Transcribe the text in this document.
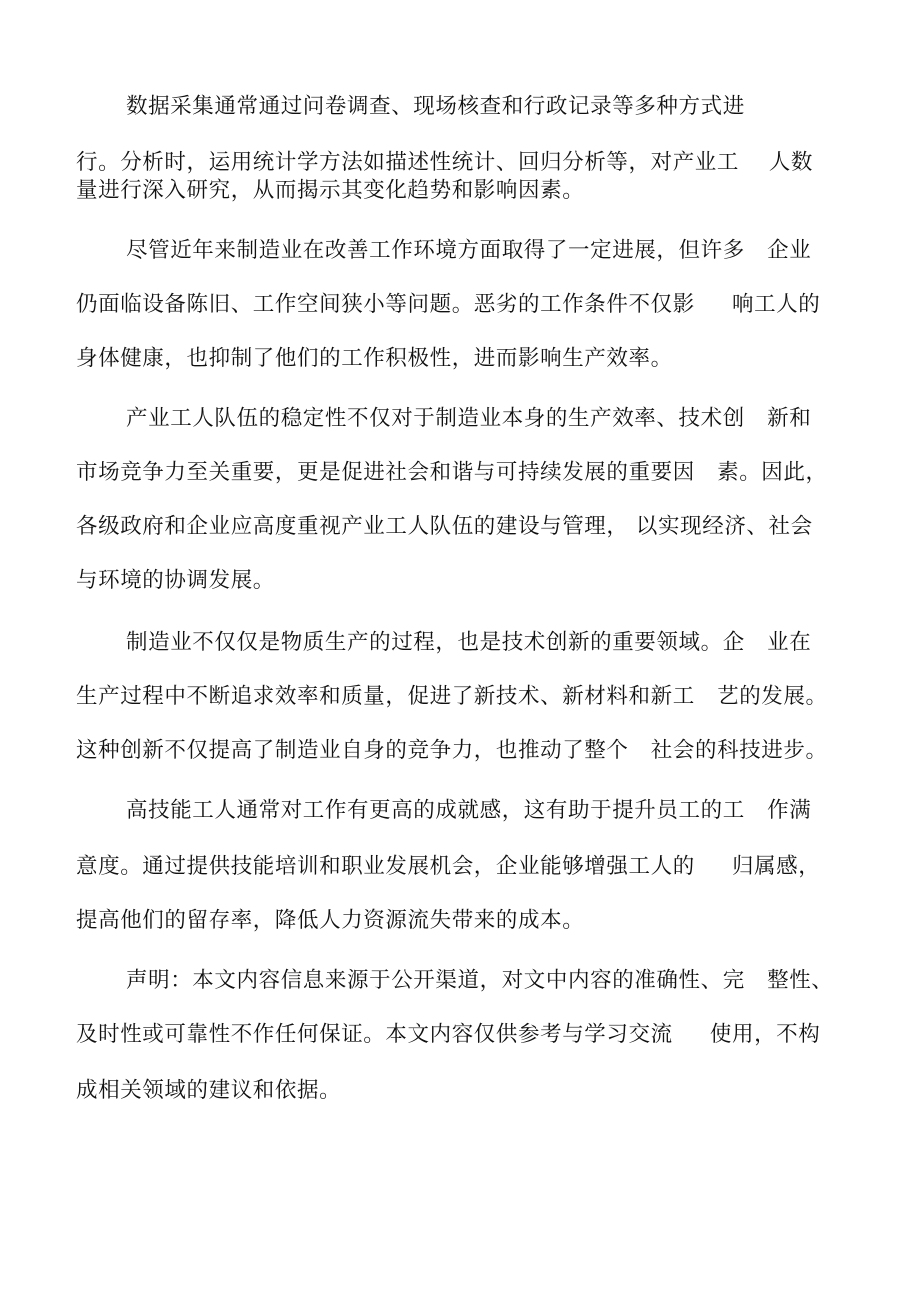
数据采集通常通过问卷调查、现场核查和行政记录等多种方式进
行。分析时，运用统计学方法如描述性统计、回归分析等，对产业工    人数
量进行深入研究，从而揭示其变化趋势和影响因素。
尽管近年来制造业在改善工作环境方面取得了一定进展，但许多   企业
仍面临设备陈旧、工作空间狭小等问题。恶劣的工作条件不仅影     响工人的
身体健康，也抑制了他们的工作积极性，进而影响生产效率。
产业工人队伍的稳定性不仅对于制造业本身的生产效率、技术创   新和
市场竞争力至关重要，更是促进社会和谐与可持续发展的重要因   素。因此，
各级政府和企业应高度重视产业工人队伍的建设与管理， 以实现经济、社会
与环境的协调发展。
制造业不仅仅是物质生产的过程，也是技术创新的重要领域。企   业在
生产过程中不断追求效率和质量，促进了新技术、新材料和新工   艺的发展。
这种创新不仅提高了制造业自身的竞争力，也推动了整个   社会的科技进步。
高技能工人通常对工作有更高的成就感，这有助于提升员工的工   作满
意度。通过提供技能培训和职业发展机会，企业能够增强工人的     归属感，
提高他们的留存率，降低人力资源流失带来的成本。
声明：本文内容信息来源于公开渠道，对文中内容的准确性、完   整性、
及时性或可靠性不作任何保证。本文内容仅供参考与学习交流     使用，不构
成相关领域的建议和依据。
